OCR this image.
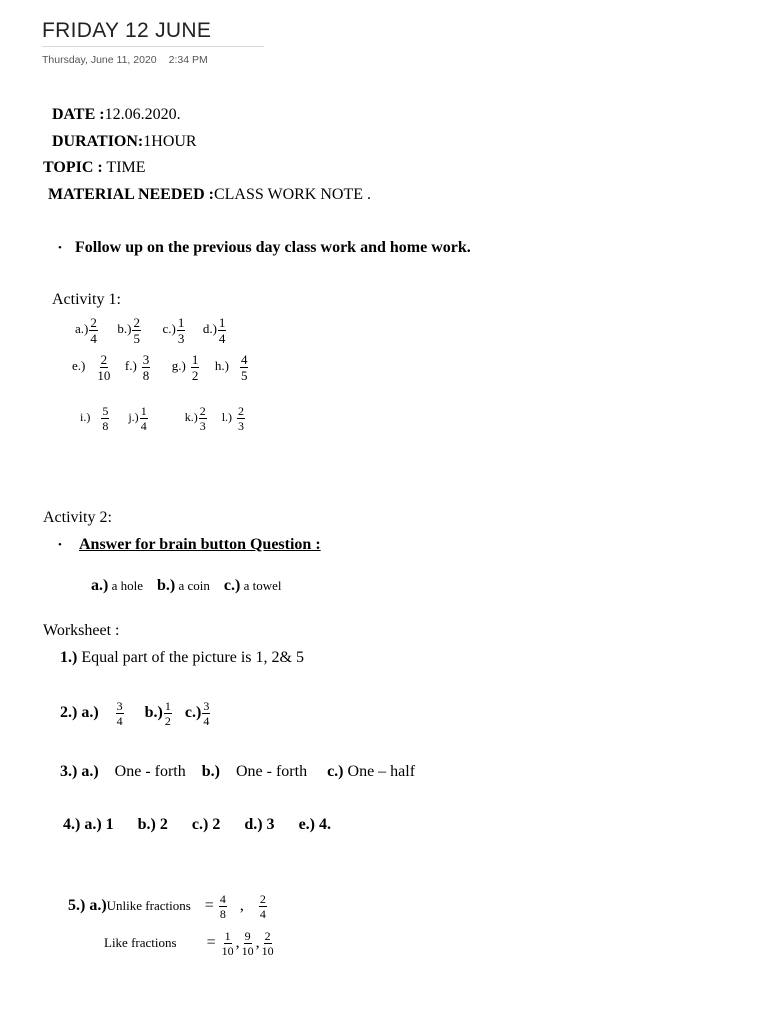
FRIDAY 12 JUNE
Thursday, June 11, 2020 2:34 PM
DATE :12.06.2020.
DURATION:1HOUR
TOPIC : TIME
MATERIAL NEEDED :CLASS WORK NOTE .
• Follow up on the previous day class work and home work.
Activity 1:
$a.) \frac{2}{4} b.) \frac{2}{5} c.) \frac{1}{3} d.) \frac{1}{4}$
$e.) \frac{2}{10} f.) \frac{3}{8} g.) \frac{1}{2} h.) \frac{4}{5}$
$i.) \frac{5}{8} j.) \frac{1}{4}$	$k.) \frac{2}{3} l.) \frac{2}{3}$
Activity 2:
• Answer for brain button Question :
a.) a hole b.) a coin c.) a towel
Worksheet :
1.) Equal part of the picture is 1, 2& 5
2.) $a.) \frac{3}{4} b.) \frac{1}{2} c.) \frac{3}{4}$
3.) a.) One - forth b.) One - forth c.) One – half
4.) a.) 1 b.) 2 c.) 2 d.) 3 e.) 4.
5.) a.)Unlike fractions = $\frac{4}{8}$ , $\frac{2}{4}$
Like fractions = $\frac{1}{10}$ , $\frac{9}{10}$ , $\frac{2}{10}$
